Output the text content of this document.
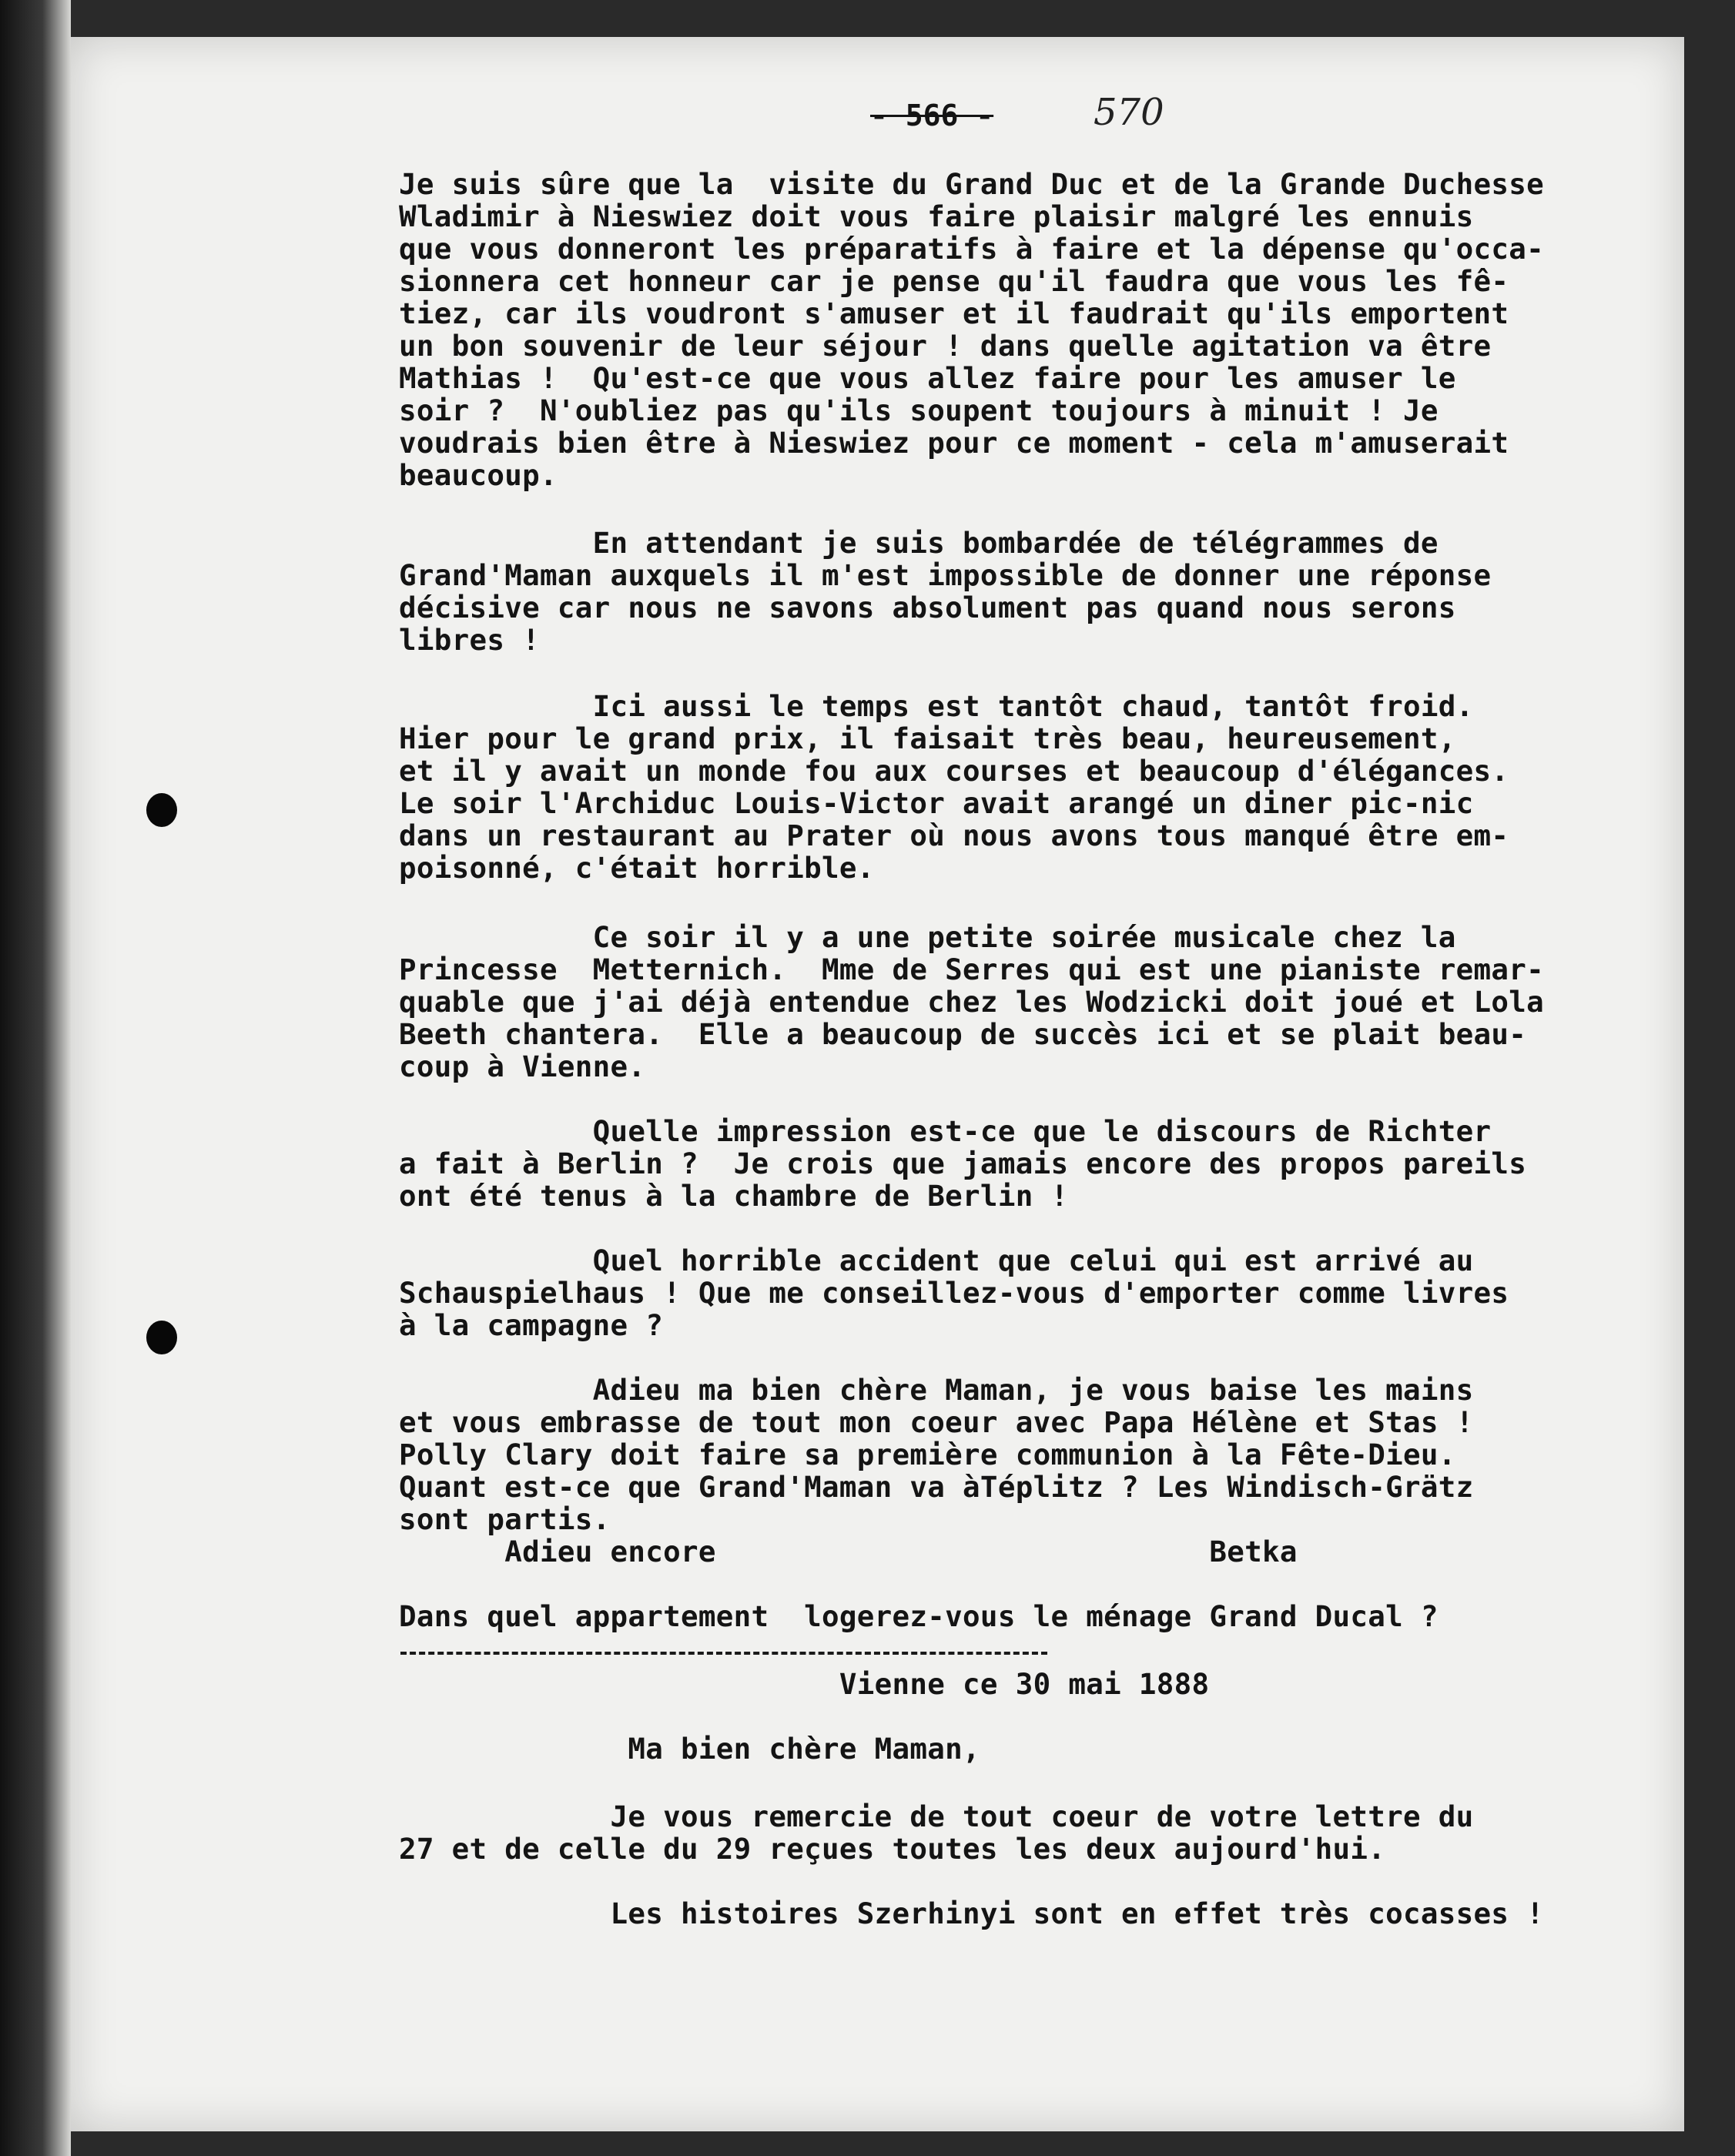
- 566 -	570
Je suis sûre que la  visite du Grand Duc et de la Grande Duchesse
Wladimir à Nieswiez doit vous faire plaisir malgré les ennuis
que vous donneront les préparatifs à faire et la dépense qu'occa-
sionnera cet honneur car je pense qu'il faudra que vous les fê-
tiez, car ils voudront s'amuser et il faudrait qu'ils emportent
un bon souvenir de leur séjour ! dans quelle agitation va être
Mathias !  Qu'est-ce que vous allez faire pour les amuser le
soir ?  N'oubliez pas qu'ils soupent toujours à minuit ! Je
voudrais bien être à Nieswiez pour ce moment - cela m'amuserait
beaucoup.
En attendant je suis bombardée de télégrammes de
Grand'Maman auxquels il m'est impossible de donner une réponse
décisive car nous ne savons absolument pas quand nous serons
libres !
Ici aussi le temps est tantôt chaud, tantôt froid.
Hier pour le grand prix, il faisait très beau, heureusement,
et il y avait un monde fou aux courses et beaucoup d'élégances.
Le soir l'Archiduc Louis-Victor avait arangé un diner pic-nic
dans un restaurant au Prater où nous avons tous manqué être em-
poisonné, c'était horrible.
Ce soir il y a une petite soirée musicale chez la
Princesse  Metternich.  Mme de Serres qui est une pianiste remar-
quable que j'ai déjà entendue chez les Wodzicki doit joué et Lola
Beeth chantera.  Elle a beaucoup de succès ici et se plait beau-
coup à Vienne.
Quelle impression est-ce que le discours de Richter
a fait à Berlin ?  Je crois que jamais encore des propos pareils
ont été tenus à la chambre de Berlin !
Quel horrible accident que celui qui est arrivé au
Schauspielhaus ! Que me conseillez-vous d'emporter comme livres
à la campagne ?
Adieu ma bien chère Maman, je vous baise les mains
et vous embrasse de tout mon coeur avec Papa Hélène et Stas !
Polly Clary doit faire sa première communion à la Fête-Dieu.
Quant est-ce que Grand'Maman va àTéplitz ? Les Windisch-Grätz
sont partis.
Adieu encore                            Betka
Dans quel appartement  logerez-vous le ménage Grand Ducal ?
Vienne ce 30 mai 1888
Ma bien chère Maman,
Je vous remercie de tout coeur de votre lettre du
27 et de celle du 29 reçues toutes les deux aujourd'hui.
Les histoires Szerhinyi sont en effet très cocasses !
